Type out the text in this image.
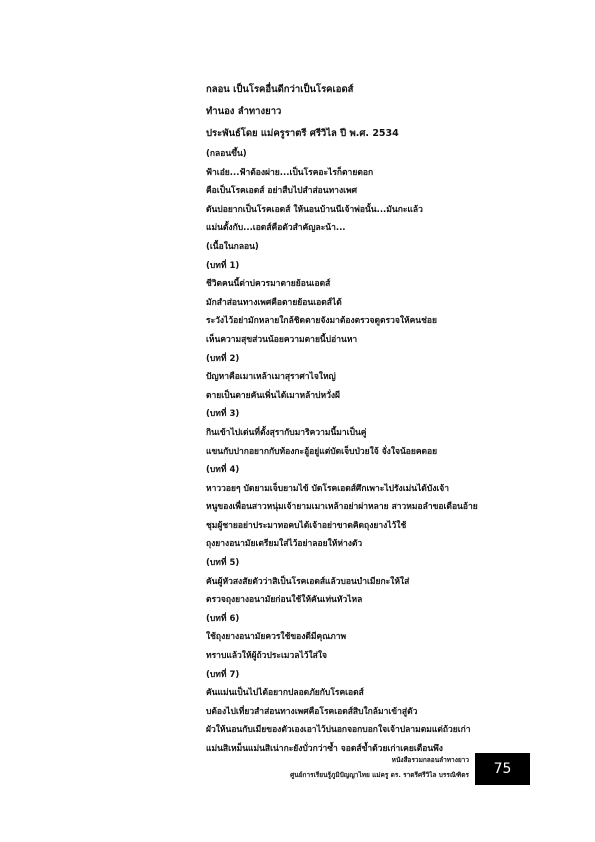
กลอน เป็นโรคอื่นดีกว่าเป็นโรคเอดส์
ทำนอง ลำทางยาว
ประพันธ์โดย แม่ครูราตรี ศรีวิไล ปี พ.ศ. 2534
(กลอนขึ้น)
ฟ้าเอ๋ย...ฟ้าต้องผ่าย...เป็นโรคอะไรก็ตายตอก
คือเป็นโรคเอดส์ อย่าสืบไปสำส่อนทางเพศ
ดันบ่อยากเป็นโรคเอดส์ ให้นอนบ้านนีเจ้าพ่อนั้น...มันกะแล้ว
แม่นตั้งกับ...เอดส์คือตัวสำคัญละน้า...
(เนื้อในกลอน)
(บทที่ 1)
ชีวิตคนนี้ต่าบ่ควรมาตายย้อนเอดส์
มักสำส่อนทางเพศคือตายย้อนเอดส์ได้
ระวังไว้อย่ามักหลายใกล้ชิดตายจังมาต้องตรวจดูตรวจให้คนช่อย
เห็นความสุขส่วนน้อยความตายนี้บ่อ่านหา
(บทที่ 2)
ปัญหาคือเมาเหล้าเมาสุราศาไจใหญ่
ตายเป็นตายคันเพิ่นได้เมาหล้าบ่หวั่งผี
(บทที่ 3)
กินเข้าไปเด่นที่ตั้งสุรากับมาริความนี้มาเป็นคู่
แขนกับปากอยากกับท้องกะอู้อยู่แต่บัดเจ็บป่วยใจ้ จั่งใจน้อยคดอย
(บทที่ 4)
หาววอยๆ บัดยามเจ็บยามไข้ บัดโรคเอดส์ศึกเพาะไปรังเม่นได้บังเจ้า
หนูของเพื่อนสาวหนุ่มเจ้ายามเมาเหล้าอย่าผ่าหลาย สาวหมอลำขอเตือนอ้าย
ชุมผู้ชายอย่าประมาทอคบได้เจ้าอย่าขาดคิดถุงยางไว้ใช้
ถุงยางอนามัยเตรียมใส่ไว้อย่าลอยให้ห่างตัว
(บทที่ 5)
คันผู้หัวสงสัยตัวว่าสิเป็นโรคเอดส์แล้วบอนบำเมียกะให้ใส่
ตรวจถุงยางอนามัยก่อนใช้ให้คันเท่นหัวไหล
(บทที่ 6)
ใช้ถุงยางอนามัยควรใช้ของดีมีคุณภาพ
ทราบแล้วให้ผู้ถ้วประเมวลไว้ใส่ใจ
(บทที่ 7)
คันแม่นเป็นไปได้อยากปลอดภัยกับโรคเอดส์
บต้องไปเที่ยวสำส่อนทางเพศคือโรคเอดส์สิบใกล้มาเข้าสู่ตัว
ผัวให้นอนกับเมียของตัวเองเอาไว้บ่นอกจอกบอกใจเจ้าปลามตมแต่ถ้วยเก่า
แม่นสิเหม็นแม่นสิเน่ากะยังบั่วกว่าซ้ำ จอดส์ข้ำด้วยเก่าเคยเตือนพึง
หนังสือรวมกลอนลำทางยาว
ศูนย์การเรียนรู้ภูมิปัญญาไทย แม่ครู ดร. ราตรีศรีวิไล บรรณิฑิตร	75
